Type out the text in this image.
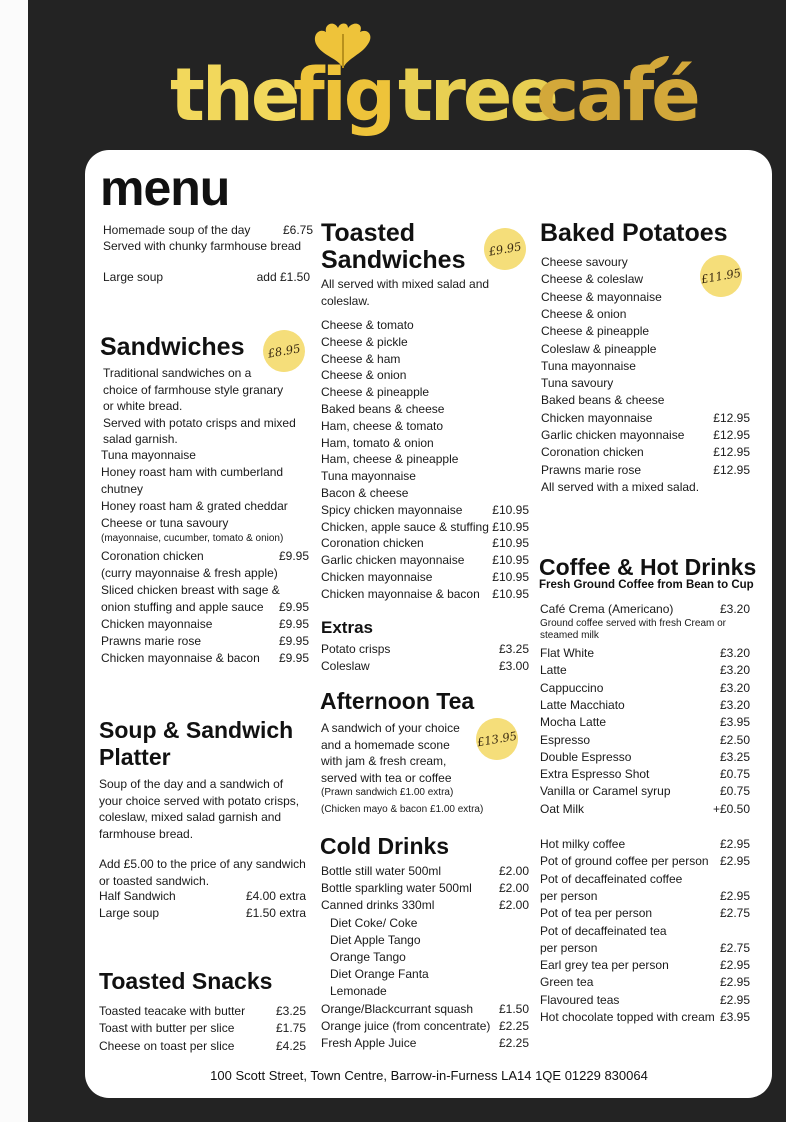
the
fig tree
café
menu
Homemade soup of the day	£6.75
Served with chunky farmhouse bread
Large soup	add £1.50
Sandwiches	£8.95
Traditional sandwiches on a
choice of farmhouse style granary
or white bread.
Served with potato crisps and mixed
salad garnish.
Tuna mayonnaise
Honey roast ham with cumberland
chutney
Honey roast ham & grated cheddar
Cheese or tuna savoury
(mayonnaise, cucumber, tomato & onion)
Coronation chicken	£9.95
(curry mayonnaise & fresh apple)
Sliced chicken breast with sage &
onion stuffing and apple sauce £9.95
Chicken mayonnaise	£9.95
Prawns marie rose	£9.95
Chicken mayonnaise & bacon £9.95
Soup & Sandwich
Platter
Soup of the day and a sandwich of
your choice served with potato crisps,
coleslaw, mixed salad garnish and
farmhouse bread.
Add £5.00 to the price of any sandwich
or toasted sandwich.
Half Sandwich	£4.00 extra
Large soup	£1.50 extra
Toasted Snacks
Toasted teacake with butter	£3.25
Toast with butter per slice	£1.75
Cheese on toast per slice	£4.25
Toasted
Sandwiches	£9.95
All served with mixed salad and
coleslaw.
Cheese & tomato
Cheese & pickle
Cheese & ham
Cheese & onion
Cheese & pineapple
Baked beans & cheese
Ham, cheese & tomato
Ham, tomato & onion
Ham, cheese & pineapple
Tuna mayonnaise
Bacon & cheese
Spicy chicken mayonnaise £10.95
Chicken, apple sauce & stuffing £10.95
Coronation chicken	£10.95
Garlic chicken mayonnaise £10.95
Chicken mayonnaise	£10.95
Chicken mayonnaise & bacon £10.95
Extras
Potato crisps	£3.25
Coleslaw	£3.00
Afternoon Tea
£13.95
A sandwich of your choice
and a homemade scone
with jam & fresh cream,
served with tea or coffee
(Prawn sandwich £1.00 extra)
(Chicken mayo & bacon £1.00 extra)
Cold Drinks
Bottle still water 500ml	£2.00
Bottle sparkling water 500ml £2.00
Canned drinks 330ml	£2.00
Diet Coke/ Coke
Diet Apple Tango
Orange Tango
Diet Orange Fanta
Lemonade
Orange/Blackcurrant squash £1.50
Orange juice (from concentrate) £2.25
Fresh Apple Juice	£2.25
Baked Potatoes
£11.95
Cheese savoury
Cheese & coleslaw
Cheese & mayonnaise
Cheese & onion
Cheese & pineapple
Coleslaw & pineapple
Tuna mayonnaise
Tuna savoury
Baked beans & cheese
Chicken mayonnaise	£12.95
Garlic chicken mayonnaise £12.95
Coronation chicken	£12.95
Prawns marie rose	£12.95
All served with a mixed salad.
Coffee & Hot Drinks
Fresh Ground Coffee from Bean to Cup
Café Crema (Americano)	£3.20
Ground coffee served with fresh Cream or
steamed milk
Flat White	£3.20
Latte	£3.20
Cappuccino	£3.20
Latte Macchiato	£3.20
Mocha Latte	£3.95
Espresso	£2.50
Double Espresso	£3.25
Extra Espresso Shot	£0.75
Vanilla or Caramel syrup	£0.75
Oat Milk	+£0.50
Hot milky coffee	£2.95
Pot of ground coffee per person £2.95
Pot of decaffeinated coffee
per person	£2.95
Pot of tea per person	£2.75
Pot of decaffeinated tea
per person	£2.75
Earl grey tea per person	£2.95
Green tea	£2.95
Flavoured teas	£2.95
Hot chocolate topped with cream £3.95
100 Scott Street, Town Centre, Barrow-in-Furness LA14 1QE 01229 830064
